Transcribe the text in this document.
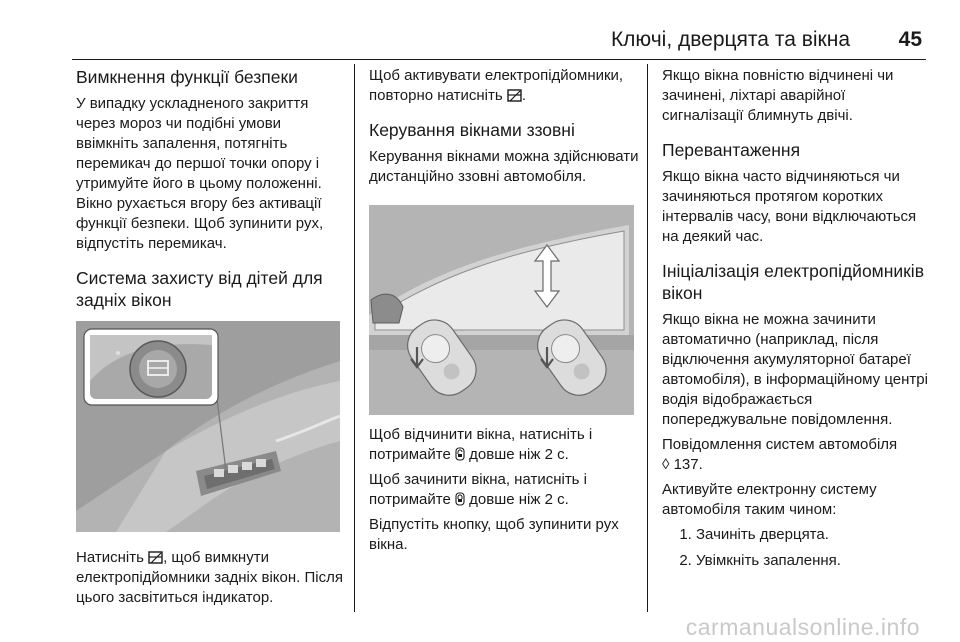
Ключі, дверцята та вікна 45
Вимкнення функції безпеки

У випадку ускладненого закриття через мороз чи подібні умови ввімкніть запалення, потягніть перемикач до першої точки опору і утримуйте його в цьому положенні. Вікно рухається вгору без активації функції безпеки. Щоб зупинити рух, відпустіть перемикач.

Система захисту від дітей для задніх вікон

Натисніть , щоб вимкнути електропідйомники задніх вікон. Після цього засвітиться індикатор.

Щоб активувати електропідйомники, повторно натисніть .

Керування вікнами ззовні

Керування вікнами можна здійснювати дистанційно ззовні автомобіля.

Щоб відчинити вікна, натисніть і потримайте довше ніж 2 с.

Щоб зачинити вікна, натисніть і потримайте довше ніж 2 с.

Відпустіть кнопку, щоб зупинити рух вікна.

Якщо вікна повністю відчинені чи зачинені, ліхтарі аварійної сигналізації блимнуть двічі.

Перевантаження

Якщо вікна часто відчиняються чи зачиняються протягом коротких інтервалів часу, вони відключаються на деякий час.

Ініціалізація електропідйомників вікон

Якщо вікна не можна зачинити автоматично (наприклад, після відключення акумуляторної батареї автомобіля), в інформаційному центрі водія відображається попереджувальне повідомлення.

Повідомлення систем автомобіля
◊ 137.

Активуйте електронну систему автомобіля таким чином:

1. Зачиніть дверцята.
2. Увімкніть запалення.
carmanualsonline.info
